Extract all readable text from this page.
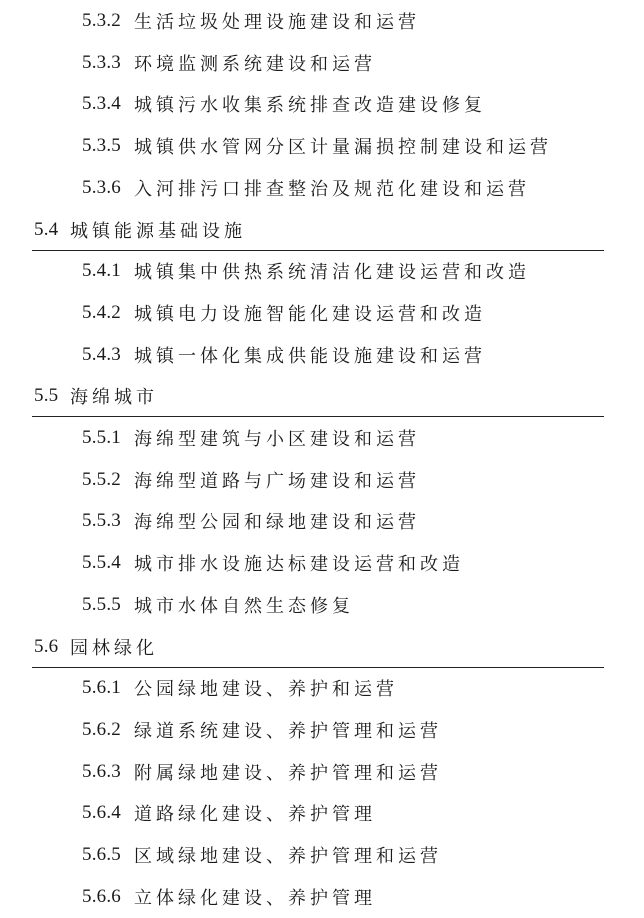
5.3.2 生活垃圾处理设施建设和运营
5.3.3 环境监测系统建设和运营
5.3.4 城镇污水收集系统排查改造建设修复
5.3.5 城镇供水管网分区计量漏损控制建设和运营
5.3.6 入河排污口排查整治及规范化建设和运营
5.4 城镇能源基础设施
5.4.1 城镇集中供热系统清洁化建设运营和改造
5.4.2 城镇电力设施智能化建设运营和改造
5.4.3 城镇一体化集成供能设施建设和运营
5.5 海绵城市
5.5.1 海绵型建筑与小区建设和运营
5.5.2 海绵型道路与广场建设和运营
5.5.3 海绵型公园和绿地建设和运营
5.5.4 城市排水设施达标建设运营和改造
5.5.5 城市水体自然生态修复
5.6 园林绿化
5.6.1 公园绿地建设、养护和运营
5.6.2 绿道系统建设、养护管理和运营
5.6.3 附属绿地建设、养护管理和运营
5.6.4 道路绿化建设、养护管理
5.6.5 区域绿地建设、养护管理和运营
5.6.6 立体绿化建设、养护管理
